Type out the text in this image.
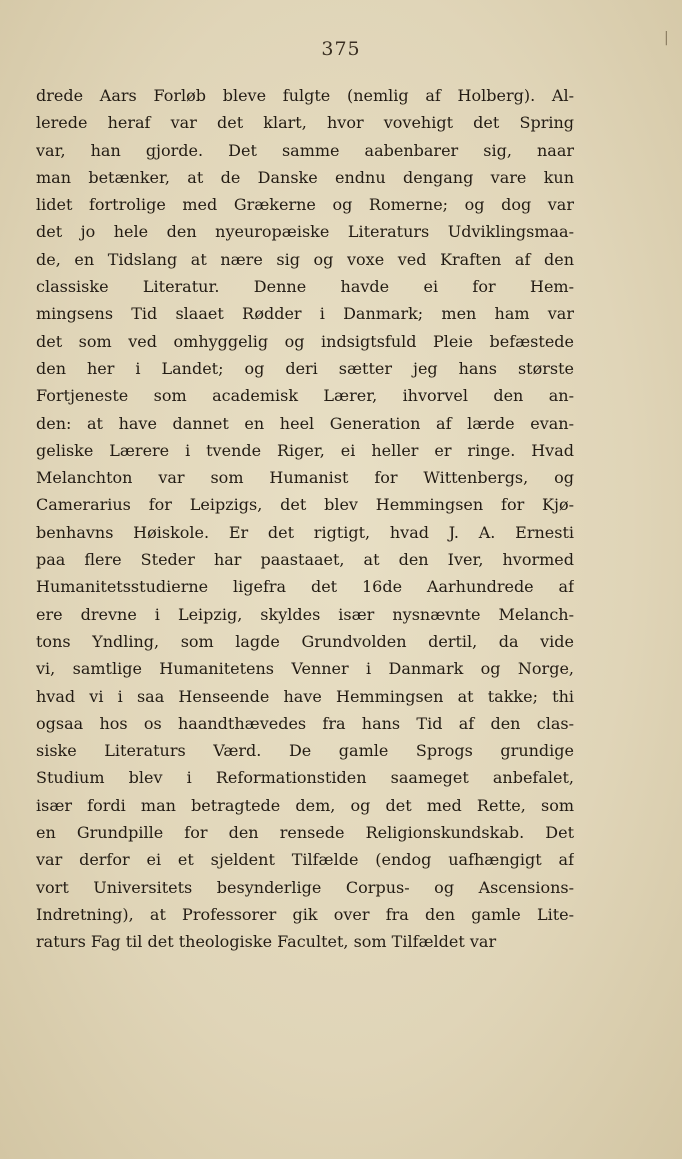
375	|
drede Aars Forløb bleve fulgte (nemlig af Holberg). Al-
lerede heraf var det klart, hvor vovehigt det Spring
var, han gjorde. Det samme aabenbarer sig, naar
man betænker, at de Danske endnu dengang vare kun
lidet fortrolige med Grækerne og Romerne; og dog var
det jo hele den nyeuropæiske Literaturs Udviklingsmaa-
de, en Tidslang at nære sig og voxe ved Kraften af den
classiske Literatur. Denne havde ei for Hem-
mingsens Tid slaaet Rødder i Danmark; men ham var
det som ved omhyggelig og indsigtsfuld Pleie befæstede
den her i Landet; og deri sætter jeg hans største
Fortjeneste som academisk Lærer, ihvorvel den an-
den: at have dannet en heel Generation af lærde evan-
geliske Lærere i tvende Riger, ei heller er ringe. Hvad
Melanchton var som Humanist for Wittenbergs, og
Camerarius for Leipzigs, det blev Hemmingsen for Kjø-
benhavns Høiskole. Er det rigtigt, hvad J. A. Ernesti
paa flere Steder har paastaaet, at den Iver, hvormed
Humanitetsstudierne ligefra det 16de Aarhundrede af
ere drevne i Leipzig, skyldes især nysnævnte Melanch-
tons Yndling, som lagde Grundvolden dertil, da vide
vi, samtlige Humanitetens Venner i Danmark og Norge,
hvad vi i saa Henseende have Hemmingsen at takke; thi
ogsaa hos os haandthævedes fra hans Tid af den clas-
siske Literaturs Værd. De gamle Sprogs grundige
Studium blev i Reformationstiden saameget anbefalet,
især fordi man betragtede dem, og det med Rette, som
en Grundpille for den rensede Religionskundskab. Det
var derfor ei et sjeldent Tilfælde (endog uafhængigt af
vort Universitets besynderlige Corpus- og Ascensions-
Indretning), at Professorer gik over fra den gamle Lite-
raturs Fag til det theologiske Facultet, som Tilfældet var
